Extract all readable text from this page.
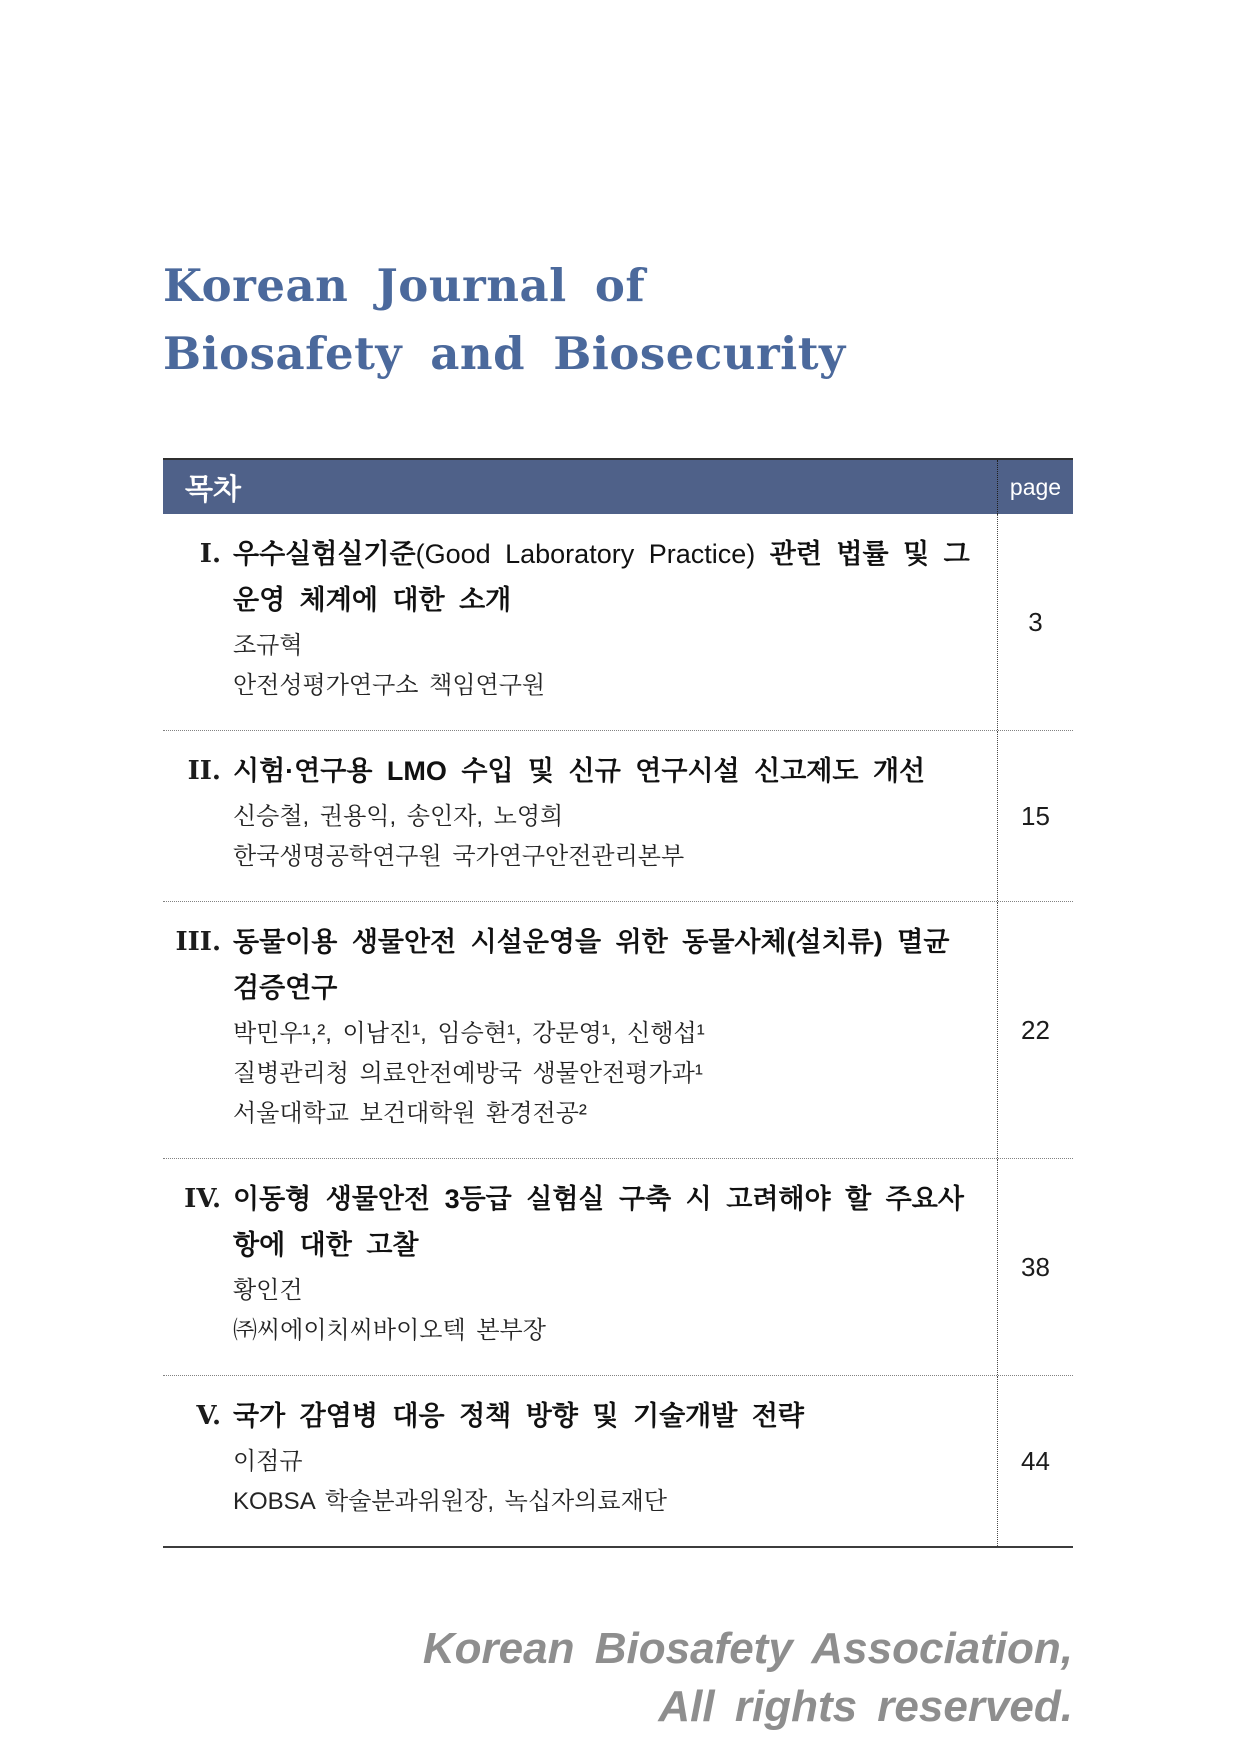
Korean Journal of
Biosafety and Biosecurity
목차	page
I. 우수실험실기준(Good Laboratory Practice) 관련 법률 및 그 운영 체계에 대한 소개
조규혁
안전성평가연구소 책임연구원
3
II. 시험·연구용 LMO 수입 및 신규 연구시설 신고제도 개선
신승철, 권용익, 송인자, 노영희
한국생명공학연구원 국가연구안전관리본부
15
III. 동물이용 생물안전 시설운영을 위한 동물사체(설치류) 멸균 검증연구
박민우¹,², 이남진¹, 임승현¹, 강문영¹, 신행섭¹
질병관리청 의료안전예방국 생물안전평가과¹
서울대학교 보건대학원 환경전공²
22
IV. 이동형 생물안전 3등급 실험실 구축 시 고려해야 할 주요사항에 대한 고찰
황인건
㈜씨에이치씨바이오텍 본부장
38
V. 국가 감염병 대응 정책 방향 및 기술개발 전략
이점규
KOBSA 학술분과위원장, 녹십자의료재단
44
Korean Biosafety Association,
All rights reserved.
